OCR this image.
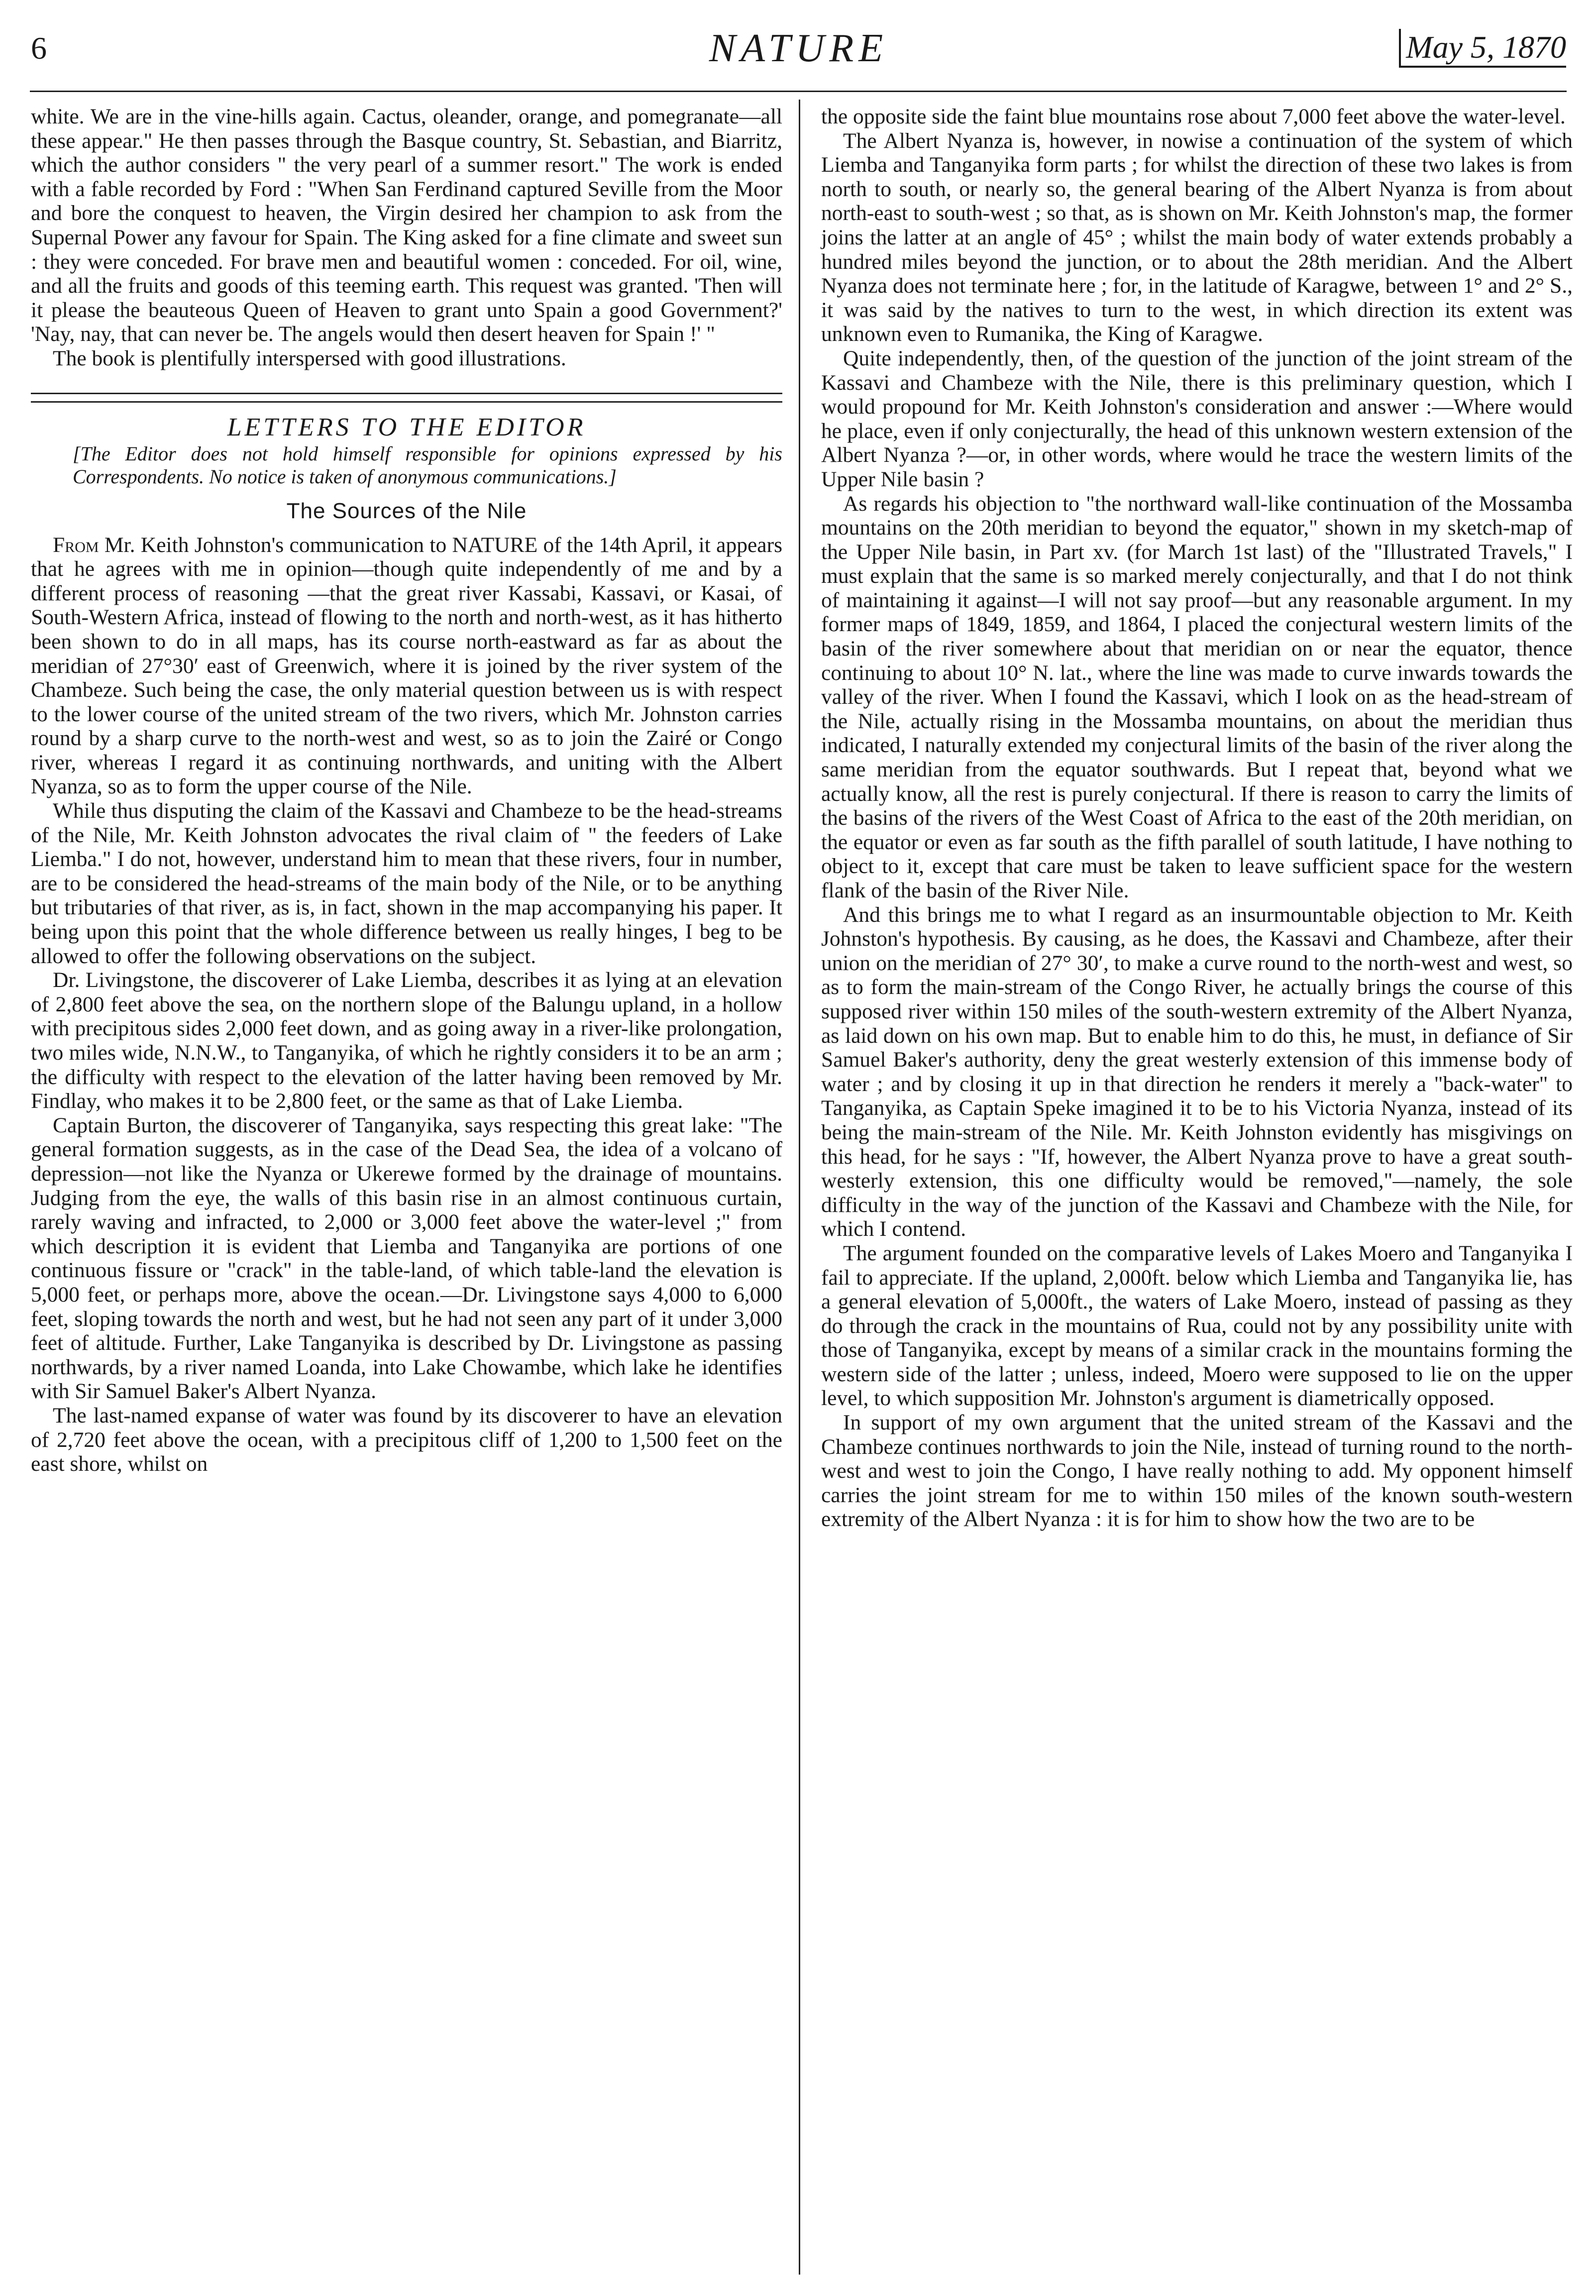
6	NATURE	May 5, 1870

white. We are in the vine-hills again. Cactus, oleander, orange, and pomegranate—all these appear." He then passes through the Basque country, St. Sebastian, and Biarritz, which the author considers " the very pearl of a summer resort." The work is ended with a fable recorded by Ford : "When San Ferdinand captured Seville from the Moor and bore the conquest to heaven, the Virgin desired her champion to ask from the Supernal Power any favour for Spain. The King asked for a fine climate and sweet sun : they were conceded. For brave men and beautiful women : conceded. For oil, wine, and all the fruits and goods of this teeming earth. This request was granted. 'Then will it please the beauteous Queen of Heaven to grant unto Spain a good Government?' 'Nay, nay, that can never be. The angels would then desert heaven for Spain !' "

The book is plentifully interspersed with good illustrations.

LETTERS TO THE EDITOR

[The Editor does not hold himself responsible for opinions expressed by his Correspondents. No notice is taken of anonymous communications.]

The Sources of the Nile

From Mr. Keith Johnston's communication to NATURE of the 14th April, it appears that he agrees with me in opinion—though quite independently of me and by a different process of reasoning —that the great river Kassabi, Kassavi, or Kasai, of South-Western Africa, instead of flowing to the north and north-west, as it has hitherto been shown to do in all maps, has its course north-eastward as far as about the meridian of 27°30′ east of Greenwich, where it is joined by the river system of the Chambeze. Such being the case, the only material question between us is with respect to the lower course of the united stream of the two rivers, which Mr. Johnston carries round by a sharp curve to the north-west and west, so as to join the Zairé or Congo river, whereas I regard it as continuing northwards, and uniting with the Albert Nyanza, so as to form the upper course of the Nile.

While thus disputing the claim of the Kassavi and Chambeze to be the head-streams of the Nile, Mr. Keith Johnston advocates the rival claim of " the feeders of Lake Liemba." I do not, however, understand him to mean that these rivers, four in number, are to be considered the head-streams of the main body of the Nile, or to be anything but tributaries of that river, as is, in fact, shown in the map accompanying his paper. It being upon this point that the whole difference between us really hinges, I beg to be allowed to offer the following observations on the subject.

Dr. Livingstone, the discoverer of Lake Liemba, describes it as lying at an elevation of 2,800 feet above the sea, on the northern slope of the Balungu upland, in a hollow with precipitous sides 2,000 feet down, and as going away in a river-like prolongation, two miles wide, N.N.W., to Tanganyika, of which he rightly considers it to be an arm ; the difficulty with respect to the elevation of the latter having been removed by Mr. Findlay, who makes it to be 2,800 feet, or the same as that of Lake Liemba.

Captain Burton, the discoverer of Tanganyika, says respecting this great lake: "The general formation suggests, as in the case of the Dead Sea, the idea of a volcano of depression—not like the Nyanza or Ukerewe formed by the drainage of mountains. Judging from the eye, the walls of this basin rise in an almost continuous curtain, rarely waving and infracted, to 2,000 or 3,000 feet above the water-level ;" from which description it is evident that Liemba and Tanganyika are portions of one continuous fissure or "crack" in the table-land, of which table-land the elevation is 5,000 feet, or perhaps more, above the ocean.—Dr. Livingstone says 4,000 to 6,000 feet, sloping towards the north and west, but he had not seen any part of it under 3,000 feet of altitude. Further, Lake Tanganyika is described by Dr. Livingstone as passing northwards, by a river named Loanda, into Lake Chowambe, which lake he identifies with Sir Samuel Baker's Albert Nyanza.

The last-named expanse of water was found by its discoverer to have an elevation of 2,720 feet above the ocean, with a precipitous cliff of 1,200 to 1,500 feet on the east shore, whilst on

the opposite side the faint blue mountains rose about 7,000 feet above the water-level.

The Albert Nyanza is, however, in nowise a continuation of the system of which Liemba and Tanganyika form parts ; for whilst the direction of these two lakes is from north to south, or nearly so, the general bearing of the Albert Nyanza is from about north-east to south-west ; so that, as is shown on Mr. Keith Johnston's map, the former joins the latter at an angle of 45° ; whilst the main body of water extends probably a hundred miles beyond the junction, or to about the 28th meridian. And the Albert Nyanza does not terminate here ; for, in the latitude of Karagwe, between 1° and 2° S., it was said by the natives to turn to the west, in which direction its extent was unknown even to Rumanika, the King of Karagwe.

Quite independently, then, of the question of the junction of the joint stream of the Kassavi and Chambeze with the Nile, there is this preliminary question, which I would propound for Mr. Keith Johnston's consideration and answer :—Where would he place, even if only conjecturally, the head of this unknown western extension of the Albert Nyanza ?—or, in other words, where would he trace the western limits of the Upper Nile basin ?

As regards his objection to "the northward wall-like continuation of the Mossamba mountains on the 20th meridian to beyond the equator," shown in my sketch-map of the Upper Nile basin, in Part xv. (for March 1st last) of the "Illustrated Travels," I must explain that the same is so marked merely conjecturally, and that I do not think of maintaining it against—I will not say proof—but any reasonable argument. In my former maps of 1849, 1859, and 1864, I placed the conjectural western limits of the basin of the river somewhere about that meridian on or near the equator, thence continuing to about 10° N. lat., where the line was made to curve inwards towards the valley of the river. When I found the Kassavi, which I look on as the head-stream of the Nile, actually rising in the Mossamba mountains, on about the meridian thus indicated, I naturally extended my conjectural limits of the basin of the river along the same meridian from the equator southwards. But I repeat that, beyond what we actually know, all the rest is purely conjectural. If there is reason to carry the limits of the basins of the rivers of the West Coast of Africa to the east of the 20th meridian, on the equator or even as far south as the fifth parallel of south latitude, I have nothing to object to it, except that care must be taken to leave sufficient space for the western flank of the basin of the River Nile.

And this brings me to what I regard as an insurmountable objection to Mr. Keith Johnston's hypothesis. By causing, as he does, the Kassavi and Chambeze, after their union on the meridian of 27° 30′, to make a curve round to the north-west and west, so as to form the main-stream of the Congo River, he actually brings the course of this supposed river within 150 miles of the south-western extremity of the Albert Nyanza, as laid down on his own map. But to enable him to do this, he must, in defiance of Sir Samuel Baker's authority, deny the great westerly extension of this immense body of water ; and by closing it up in that direction he renders it merely a "back-water" to Tanganyika, as Captain Speke imagined it to be to his Victoria Nyanza, instead of its being the main-stream of the Nile. Mr. Keith Johnston evidently has misgivings on this head, for he says : "If, however, the Albert Nyanza prove to have a great south-westerly extension, this one difficulty would be removed,"—namely, the sole difficulty in the way of the junction of the Kassavi and Chambeze with the Nile, for which I contend.

The argument founded on the comparative levels of Lakes Moero and Tanganyika I fail to appreciate. If the upland, 2,000ft. below which Liemba and Tanganyika lie, has a general elevation of 5,000ft., the waters of Lake Moero, instead of passing as they do through the crack in the mountains of Rua, could not by any possibility unite with those of Tanganyika, except by means of a similar crack in the mountains forming the western side of the latter ; unless, indeed, Moero were supposed to lie on the upper level, to which supposition Mr. Johnston's argument is diametrically opposed.

In support of my own argument that the united stream of the Kassavi and the Chambeze continues northwards to join the Nile, instead of turning round to the north-west and west to join the Congo, I have really nothing to add. My opponent himself carries the joint stream for me to within 150 miles of the known south-western extremity of the Albert Nyanza : it is for him to show how the two are to be
